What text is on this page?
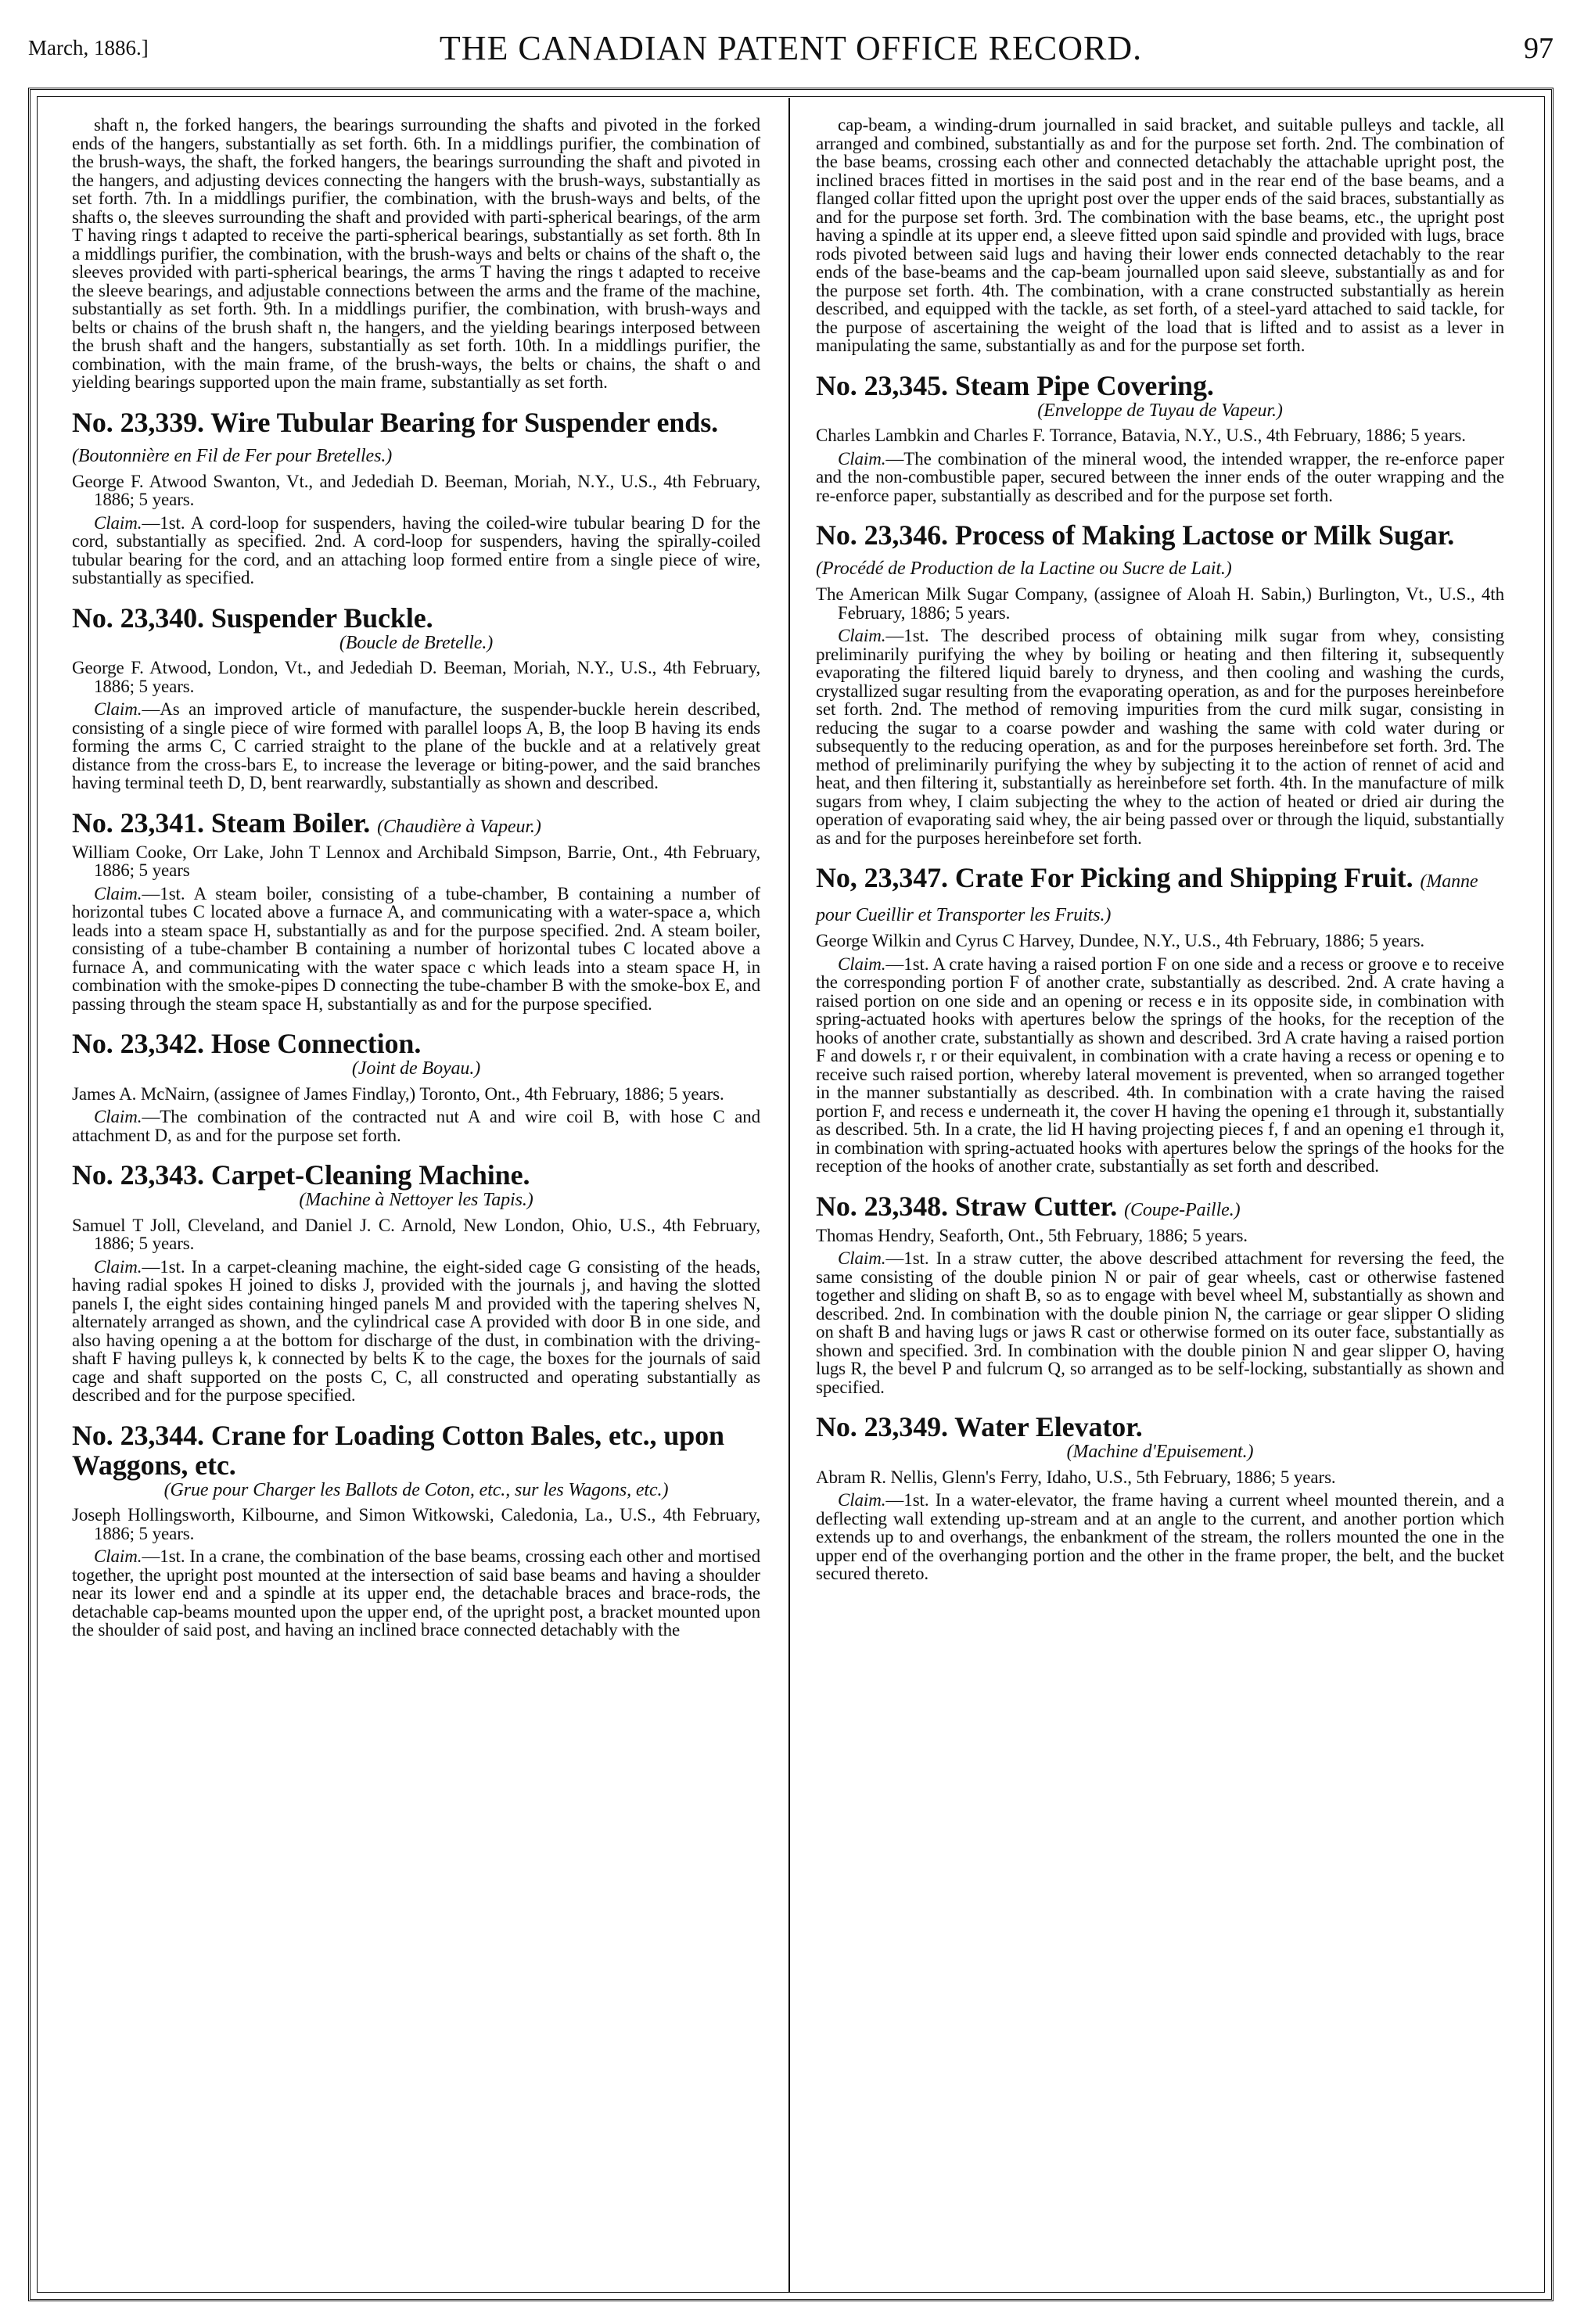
March, 1886.]	THE CANADIAN PATENT OFFICE RECORD.	97

shaft n, the forked hangers, the bearings surrounding the shafts and pivoted in the forked ends of the hangers, substantially as set forth. 6th. In a middlings purifier, the combination of the brush-ways, the shaft, the forked hangers, the bearings surrounding the shaft and pivoted in the hangers, and adjusting devices connecting the hangers with the brush-ways, substantially as set forth. 7th. In a middlings purifier, the combination, with the brush-ways and belts, of the shafts o, the sleeves surrounding the shaft and provided with parti-spherical bearings, of the arm T having rings t adapted to receive the parti-spherical bearings, substantially as set forth. 8th In a middlings purifier, the combination, with the brush-ways and belts or chains of the shaft o, the sleeves provided with parti-spherical bearings, the arms T having the rings t adapted to receive the sleeve bearings, and adjustable connections between the arms and the frame of the machine, substantially as set forth. 9th. In a middlings purifier, the combination, with brush-ways and belts or chains of the brush shaft n, the hangers, and the yielding bearings interposed between the brush shaft and the hangers, substantially as set forth. 10th. In a middlings purifier, the combination, with the main frame, of the brush-ways, the belts or chains, the shaft o and yielding bearings supported upon the main frame, substantially as set forth.

No. 23,339. Wire Tubular Bearing for Suspender ends. (Boutonnière en Fil de Fer pour Bretelles.)

George F. Atwood Swanton, Vt., and Jedediah D. Beeman, Moriah, N.Y., U.S., 4th February, 1886; 5 years.

Claim.—1st. A cord-loop for suspenders, having the coiled-wire tubular bearing D for the cord, substantially as specified. 2nd. A cord-loop for suspenders, having the spirally-coiled tubular bearing for the cord, and an attaching loop formed entire from a single piece of wire, substantially as specified.

No. 23,340. Suspender Buckle.
(Boucle de Bretelle.)

George F. Atwood, London, Vt., and Jedediah D. Beeman, Moriah, N.Y., U.S., 4th February, 1886; 5 years.

Claim.—As an improved article of manufacture, the suspender-buckle herein described, consisting of a single piece of wire formed with parallel loops A, B, the loop B having its ends forming the arms C, C carried straight to the plane of the buckle and at a relatively great distance from the cross-bars E, to increase the leverage or biting-power, and the said branches having terminal teeth D, D, bent rearwardly, substantially as shown and described.

No. 23,341. Steam Boiler. (Chaudière à Vapeur.)

William Cooke, Orr Lake, John T Lennox and Archibald Simpson, Barrie, Ont., 4th February, 1886; 5 years

Claim.—1st. A steam boiler, consisting of a tube-chamber, B containing a number of horizontal tubes C located above a furnace A, and communicating with a water-space a, which leads into a steam space H, substantially as and for the purpose specified. 2nd. A steam boiler, consisting of a tube-chamber B containing a number of horizontal tubes C located above a furnace A, and communicating with the water space c which leads into a steam space H, in combination with the smoke-pipes D connecting the tube-chamber B with the smoke-box E, and passing through the steam space H, substantially as and for the purpose specified.

No. 23,342. Hose Connection.
(Joint de Boyau.)

James A. McNairn, (assignee of James Findlay,) Toronto, Ont., 4th February, 1886; 5 years.

Claim.—The combination of the contracted nut A and wire coil B, with hose C and attachment D, as and for the purpose set forth.

No. 23,343. Carpet-Cleaning Machine.
(Machine à Nettoyer les Tapis.)

Samuel T Joll, Cleveland, and Daniel J. C. Arnold, New London, Ohio, U.S., 4th February, 1886; 5 years.

Claim.—1st. In a carpet-cleaning machine, the eight-sided cage G consisting of the heads, having radial spokes H joined to disks J, provided with the journals j, and having the slotted panels I, the eight sides containing hinged panels M and provided with the tapering shelves N, alternately arranged as shown, and the cylindrical case A provided with door B in one side, and also having opening a at the bottom for discharge of the dust, in combination with the driving-shaft F having pulleys k, k connected by belts K to the cage, the boxes for the journals of said cage and shaft supported on the posts C, C, all constructed and operating substantially as described and for the purpose specified.

No. 23,344. Crane for Loading Cotton Bales, etc., upon Waggons, etc.
(Grue pour Charger les Ballots de Coton, etc., sur les Wagons, etc.)

Joseph Hollingsworth, Kilbourne, and Simon Witkowski, Caledonia, La., U.S., 4th February, 1886; 5 years.

Claim.—1st. In a crane, the combination of the base beams, crossing each other and mortised together, the upright post mounted at the intersection of said base beams and having a shoulder near its lower end and a spindle at its upper end, the detachable braces and brace-rods, the detachable cap-beams mounted upon the upper end, of the upright post, a bracket mounted upon the shoulder of said post, and having an inclined brace connected detachably with the

cap-beam, a winding-drum journalled in said bracket, and suitable pulleys and tackle, all arranged and combined, substantially as and for the purpose set forth. 2nd. The combination of the base beams, crossing each other and connected detachably the attachable upright post, the inclined braces fitted in mortises in the said post and in the rear end of the base beams, and a flanged collar fitted upon the upright post over the upper ends of the said braces, substantially as and for the purpose set forth. 3rd. The combination with the base beams, etc., the upright post having a spindle at its upper end, a sleeve fitted upon said spindle and provided with lugs, brace rods pivoted between said lugs and having their lower ends connected detachably to the rear ends of the base-beams and the cap-beam journalled upon said sleeve, substantially as and for the purpose set forth. 4th. The combination, with a crane constructed substantially as herein described, and equipped with the tackle, as set forth, of a steel-yard attached to said tackle, for the purpose of ascertaining the weight of the load that is lifted and to assist as a lever in manipulating the same, substantially as and for the purpose set forth.

No. 23,345. Steam Pipe Covering.
(Enveloppe de Tuyau de Vapeur.)

Charles Lambkin and Charles F. Torrance, Batavia, N.Y., U.S., 4th February, 1886; 5 years.

Claim.—The combination of the mineral wood, the intended wrapper, the re-enforce paper and the non-combustible paper, secured between the inner ends of the outer wrapping and the re-enforce paper, substantially as described and for the purpose set forth.

No. 23,346. Process of Making Lactose or Milk Sugar. (Procédé de Production de la Lactine ou Sucre de Lait.)

The American Milk Sugar Company, (assignee of Aloah H. Sabin,) Burlington, Vt., U.S., 4th February, 1886; 5 years.

Claim.—1st. The described process of obtaining milk sugar from whey, consisting preliminarily purifying the whey by boiling or heating and then filtering it, subsequently evaporating the filtered liquid barely to dryness, and then cooling and washing the curds, crystallized sugar resulting from the evaporating operation, as and for the purposes hereinbefore set forth. 2nd. The method of removing impurities from the curd milk sugar, consisting in reducing the sugar to a coarse powder and washing the same with cold water during or subsequently to the reducing operation, as and for the purposes hereinbefore set forth. 3rd. The method of preliminarily purifying the whey by subjecting it to the action of rennet of acid and heat, and then filtering it, substantially as hereinbefore set forth. 4th. In the manufacture of milk sugars from whey, I claim subjecting the whey to the action of heated or dried air during the operation of evaporating said whey, the air being passed over or through the liquid, substantially as and for the purposes hereinbefore set forth.

No, 23,347. Crate For Picking and Shipping Fruit. (Manne pour Cueillir et Transporter les Fruits.)

George Wilkin and Cyrus C Harvey, Dundee, N.Y., U.S., 4th February, 1886; 5 years.

Claim.—1st. A crate having a raised portion F on one side and a recess or groove e to receive the corresponding portion F of another crate, substantially as described. 2nd. A crate having a raised portion on one side and an opening or recess e in its opposite side, in combination with spring-actuated hooks with apertures below the springs of the hooks, for the reception of the hooks of another crate, substantially as shown and described. 3rd A crate having a raised portion F and dowels r, r or their equivalent, in combination with a crate having a recess or opening e to receive such raised portion, whereby lateral movement is prevented, when so arranged together in the manner substantially as described. 4th. In combination with a crate having the raised portion F, and recess e underneath it, the cover H having the opening e1 through it, substantially as described. 5th. In a crate, the lid H having projecting pieces f, f and an opening e1 through it, in combination with spring-actuated hooks with apertures below the springs of the hooks for the reception of the hooks of another crate, substantially as set forth and described.

No. 23,348. Straw Cutter. (Coupe-Paille.)

Thomas Hendry, Seaforth, Ont., 5th February, 1886; 5 years.

Claim.—1st. In a straw cutter, the above described attachment for reversing the feed, the same consisting of the double pinion N or pair of gear wheels, cast or otherwise fastened together and sliding on shaft B, so as to engage with bevel wheel M, substantially as shown and described. 2nd. In combination with the double pinion N, the carriage or gear slipper O sliding on shaft B and having lugs or jaws R cast or otherwise formed on its outer face, substantially as shown and specified. 3rd. In combination with the double pinion N and gear slipper O, having lugs R, the bevel P and fulcrum Q, so arranged as to be self-locking, substantially as shown and specified.

No. 23,349. Water Elevator.
(Machine d'Epuisement.)

Abram R. Nellis, Glenn's Ferry, Idaho, U.S., 5th February, 1886; 5 years.

Claim.—1st. In a water-elevator, the frame having a current wheel mounted therein, and a deflecting wall extending up-stream and at an angle to the current, and another portion which extends up to and overhangs, the enbankment of the stream, the rollers mounted the one in the upper end of the overhanging portion and the other in the frame proper, the belt, and the bucket secured thereto.
